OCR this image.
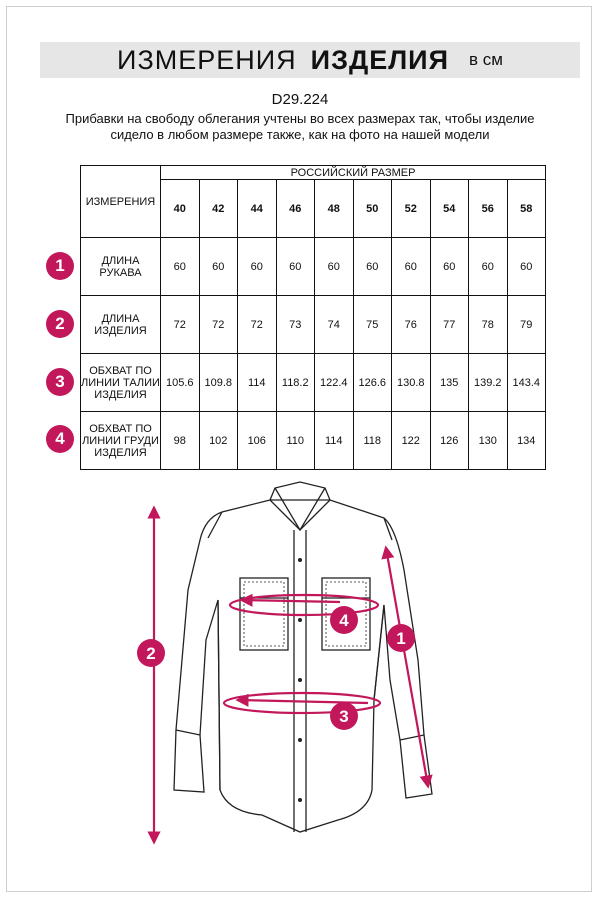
ИЗМЕРЕНИЯ ИЗДЕЛИЯ в см
D29.224
Прибавки на свободу облегания учтены во всех размерах так, чтобы изделие сидело в любом размере также, как на фото на нашей модели
ИЗМЕРЕНИЯ	РОССИЙСКИЙ РАЗМЕР									
	40	42	44	46	48	50	52	54	56	58
ДЛИНА РУКАВА	60	60	60	60	60	60	60	60	60	60
ДЛИНА ИЗДЕЛИЯ	72	72	72	73	74	75	76	77	78	79
ОБХВАТ ПО ЛИНИИ ТАЛИИ ИЗДЕЛИЯ	105.6	109.8	114	118.2	122.4	126.6	130.8	135	139.2	143.4
ОБХВАТ ПО ЛИНИИ ГРУДИ ИЗДЕЛИЯ	98	102	106	110	114	118	122	126	130	134
1
2
3
4
2
4
1
3
